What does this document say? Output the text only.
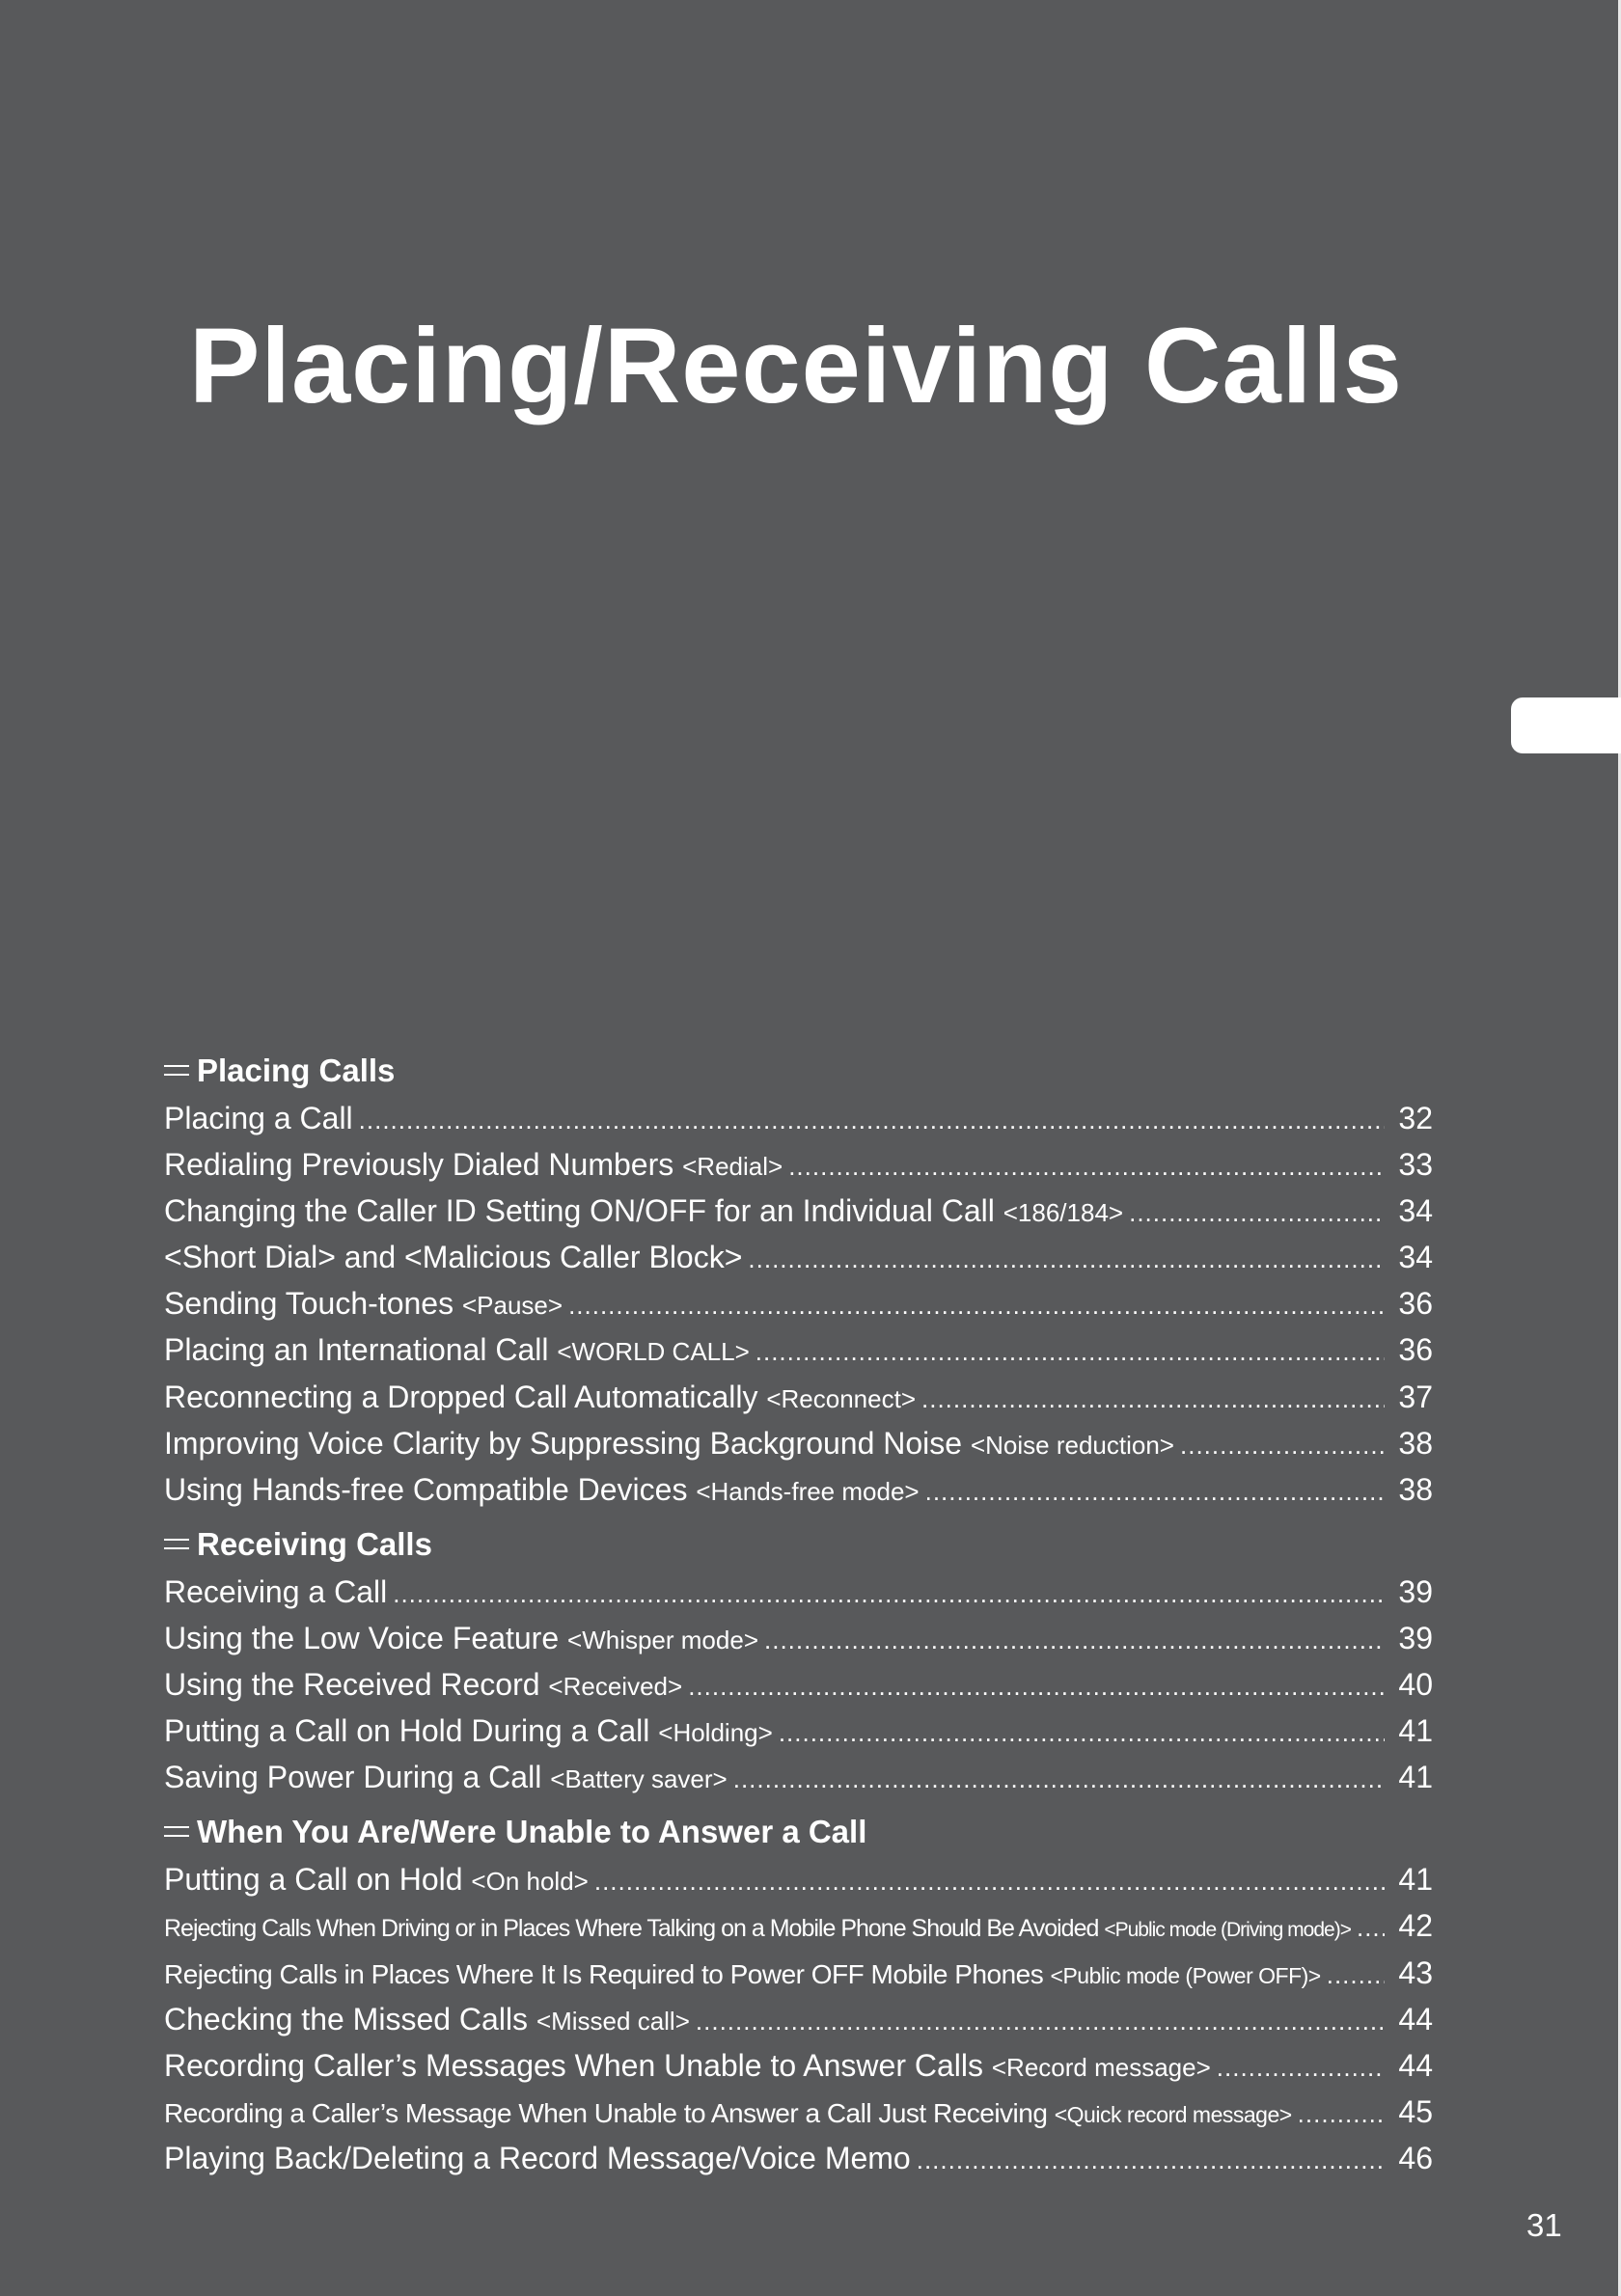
Placing/Receiving Calls
Placing Calls
Placing a Call .....	32
Redialing Previously Dialed Numbers <Redial> .....	33
Changing the Caller ID Setting ON/OFF for an Individual Call <186/184> .....	34
<Short Dial> and <Malicious Caller Block> .....	34
Sending Touch-tones <Pause> .....	36
Placing an International Call <WORLD CALL> .....	36
Reconnecting a Dropped Call Automatically <Reconnect> .....	37
Improving Voice Clarity by Suppressing Background Noise <Noise reduction> .....	38
Using Hands-free Compatible Devices <Hands-free mode> .....	38
Receiving Calls
Receiving a Call .....	39
Using the Low Voice Feature <Whisper mode> .....	39
Using the Received Record <Received> .....	40
Putting a Call on Hold During a Call <Holding> .....	41
Saving Power During a Call <Battery saver> .....	41
When You Are/Were Unable to Answer a Call
Putting a Call on Hold <On hold> .....	41
Rejecting Calls When Driving or in Places Where Talking on a Mobile Phone Should Be Avoided <Public mode (Driving mode)> ..... 42
Rejecting Calls in Places Where It Is Required to Power OFF Mobile Phones <Public mode (Power OFF)> .....	43
Checking the Missed Calls <Missed call> .....	44
Recording Caller’s Messages When Unable to Answer Calls <Record message> .....	44
Recording a Caller’s Message When Unable to Answer a Call Just Receiving <Quick record message> .....	45
Playing Back/Deleting a Record Message/Voice Memo .....	46
31
